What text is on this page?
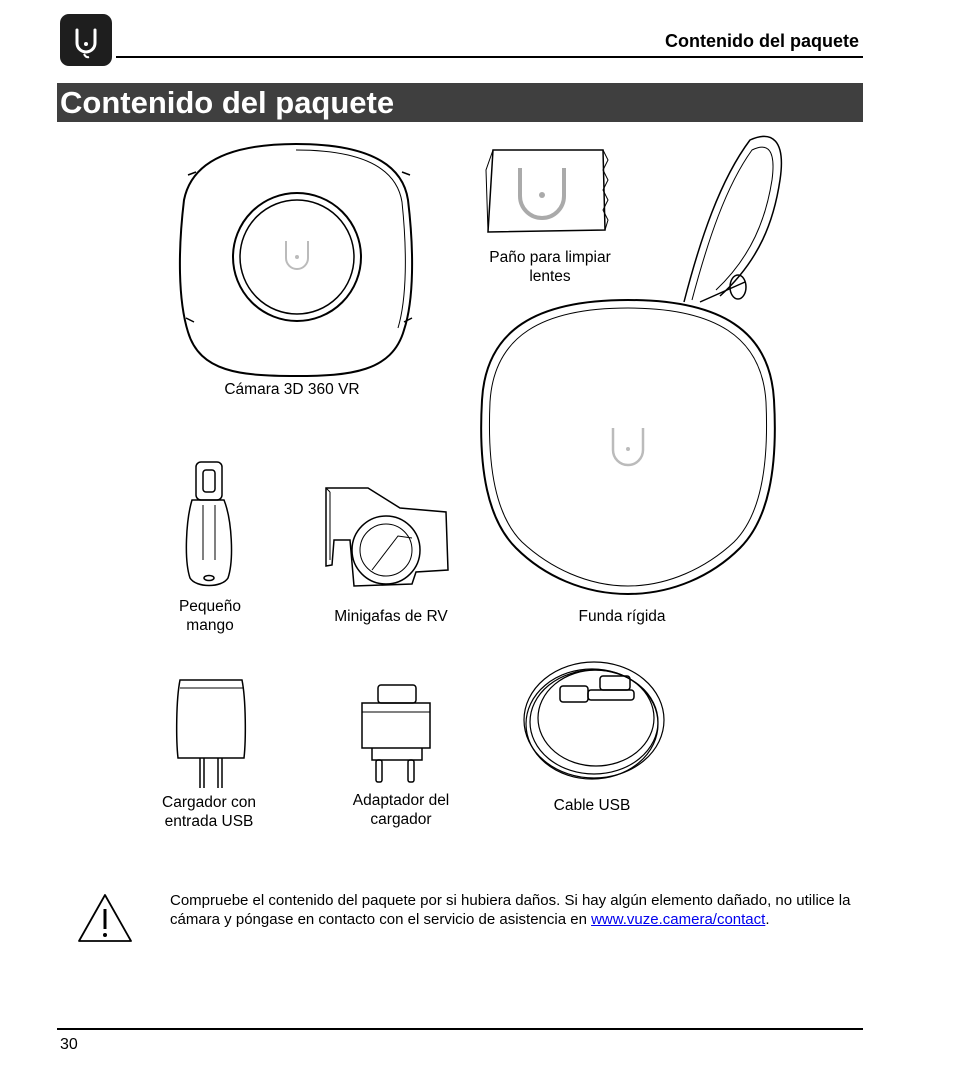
Contenido del paquete
Contenido del paquete
Cámara 3D 360 VR
Paño para limpiar lentes
Funda rígida
Pequeño mango
Minigafas de RV
Cargador con entrada USB
Adaptador del cargador
Cable USB
Compruebe el contenido del paquete por si hubiera daños. Si hay algún elemento dañado, no utilice la cámara y póngase en contacto con el servicio de asistencia en www.vuze.camera/contact.
30
